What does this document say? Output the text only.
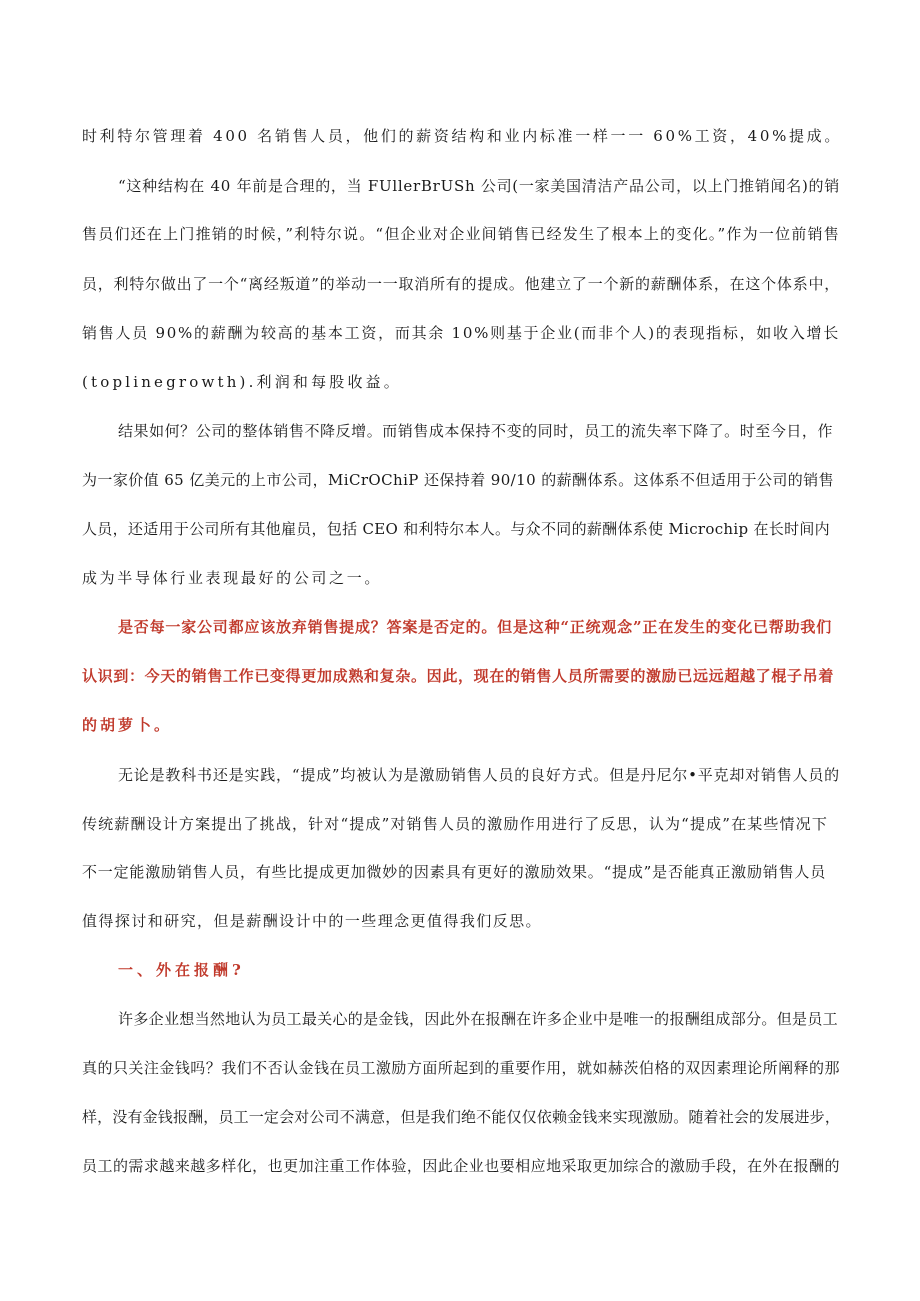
时利特尔管理着 400 名销售人员，他们的薪资结构和业内标准一样一一 60%工资，40%提成。
“这种结构在 40 年前是合理的，当 FUllerBrUSh 公司(一家美国清洁产品公司，以上门推销闻名)的销
售员们还在上门推销的时候，”利特尔说。“但企业对企业间销售已经发生了根本上的变化。”作为一位前销售
员，利特尔做出了一个“离经叛道”的举动一一取消所有的提成。他建立了一个新的薪酬体系，在这个体系中，
销售人员 90%的薪酬为较高的基本工资，而其余 10%则基于企业(而非个人)的表现指标，如收入增长
(toplinegrowth).利润和每股收益。
结果如何？公司的整体销售不降反增。而销售成本保持不变的同时，员工的流失率下降了。时至今日，作
为一家价值 65 亿美元的上市公司，MiCrOChiP 还保持着 90/10 的薪酬体系。这体系不但适用于公司的销售
人员，还适用于公司所有其他雇员，包括 CEO 和利特尔本人。与众不同的薪酬体系使 Microchip 在长时间内
成为半导体行业表现最好的公司之一。
是否每一家公司都应该放弃销售提成？答案是否定的。但是这种“正统观念”正在发生的变化已帮助我们
认识到：今天的销售工作已变得更加成熟和复杂。因此，现在的销售人员所需要的激励已远远超越了棍子吊着
的胡萝卜。
无论是教科书还是实践，“提成”均被认为是激励销售人员的良好方式。但是丹尼尔•平克却对销售人员的
传统薪酬设计方案提出了挑战，针对“提成”对销售人员的激励作用进行了反思，认为“提成”在某些情况下
不一定能激励销售人员，有些比提成更加微妙的因素具有更好的激励效果。“提成”是否能真正激励销售人员
值得探讨和研究，但是薪酬设计中的一些理念更值得我们反思。
一、外在报酬?
许多企业想当然地认为员工最关心的是金钱，因此外在报酬在许多企业中是唯一的报酬组成部分。但是员工
真的只关注金钱吗？我们不否认金钱在员工激励方面所起到的重要作用，就如赫茨伯格的双因素理论所阐释的那
样，没有金钱报酬，员工一定会对公司不满意，但是我们绝不能仅仅依赖金钱来实现激励。随着社会的发展进步，
员工的需求越来越多样化，也更加注重工作体验，因此企业也要相应地采取更加综合的激励手段，在外在报酬的
